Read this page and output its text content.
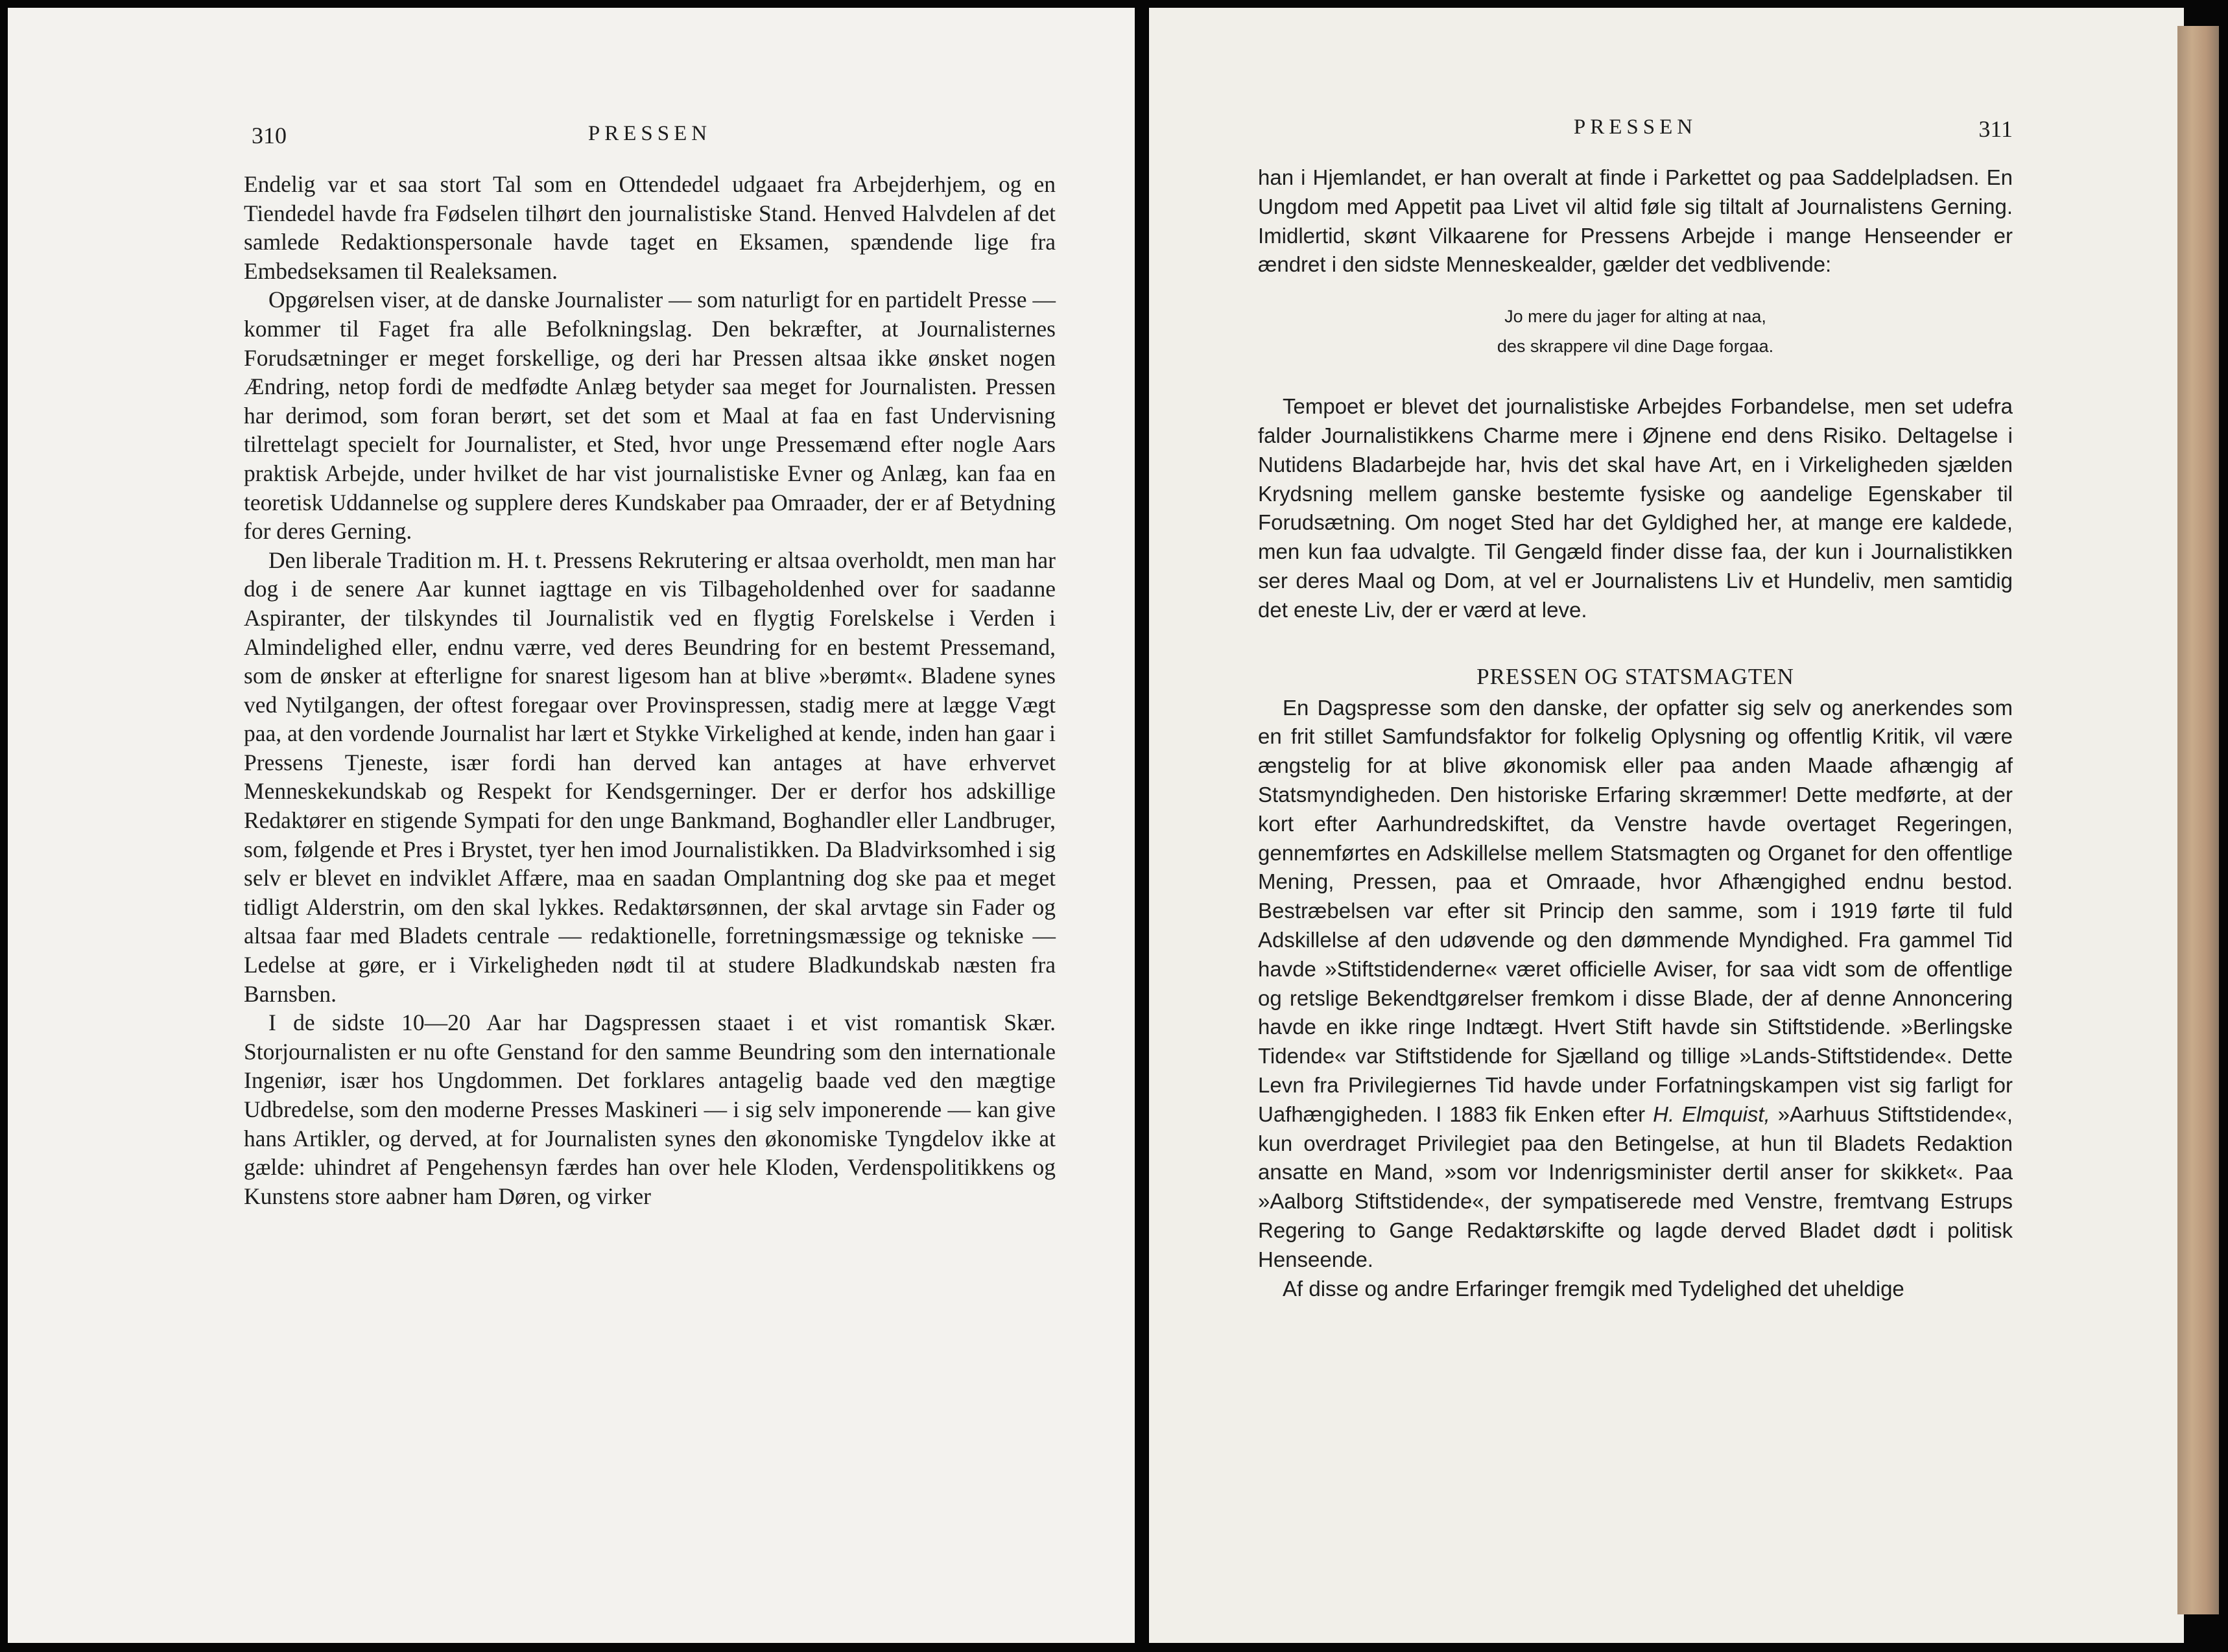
310	PRESSEN

Endelig var et saa stort Tal som en Ottendedel udgaaet fra Arbejderhjem, og en Tiendedel havde fra Fødselen tilhørt den journalistiske Stand. Henved Halvdelen af det samlede Redaktionspersonale havde taget en Eksamen, spændende lige fra Embedseksamen til Realeksamen.

Opgørelsen viser, at de danske Journalister — som naturligt for en partidelt Presse — kommer til Faget fra alle Befolkningslag. Den bekræfter, at Journalisternes Forudsætninger er meget forskellige, og deri har Pressen altsaa ikke ønsket nogen Ændring, netop fordi de medfødte Anlæg betyder saa meget for Journalisten. Pressen har derimod, som foran berørt, set det som et Maal at faa en fast Undervisning tilrettelagt specielt for Journalister, et Sted, hvor unge Pressemænd efter nogle Aars praktisk Arbejde, under hvilket de har vist journalistiske Evner og Anlæg, kan faa en teoretisk Uddannelse og supplere deres Kundskaber paa Omraader, der er af Betydning for deres Gerning.

Den liberale Tradition m. H. t. Pressens Rekrutering er altsaa overholdt, men man har dog i de senere Aar kunnet iagttage en vis Tilbageholdenhed over for saadanne Aspiranter, der tilskyndes til Journalistik ved en flygtig Forelskelse i Verden i Almindelighed eller, endnu værre, ved deres Beundring for en bestemt Pressemand, som de ønsker at efterligne for snarest ligesom han at blive »berømt«. Bladene synes ved Nytilgangen, der oftest foregaar over Provinspressen, stadig mere at lægge Vægt paa, at den vordende Journalist har lært et Stykke Virkelighed at kende, inden han gaar i Pressens Tjeneste, især fordi han derved kan antages at have erhvervet Menneskekundskab og Respekt for Kendsgerninger. Der er derfor hos adskillige Redaktører en stigende Sympati for den unge Bankmand, Boghandler eller Landbruger, som, følgende et Pres i Brystet, tyer hen imod Journalistikken. Da Bladvirksomhed i sig selv er blevet en indviklet Affære, maa en saadan Omplantning dog ske paa et meget tidligt Alderstrin, om den skal lykkes. Redaktørsønnen, der skal arvtage sin Fader og altsaa faar med Bladets centrale — redaktionelle, forretningsmæssige og tekniske — Ledelse at gøre, er i Virkeligheden nødt til at studere Bladkundskab næsten fra Barnsben.

I de sidste 10—20 Aar har Dagspressen staaet i et vist romantisk Skær. Storjournalisten er nu ofte Genstand for den samme Beundring som den internationale Ingeniør, især hos Ungdommen. Det forklares antagelig baade ved den mægtige Udbredelse, som den moderne Presses Maskineri — i sig selv imponerende — kan give hans Artikler, og derved, at for Journalisten synes den økonomiske Tyngdelov ikke at gælde: uhindret af Pengehensyn færdes han over hele Kloden, Verdenspolitikkens og Kunstens store aabner ham Døren, og virker

PRESSEN	311

han i Hjemlandet, er han overalt at finde i Parkettet og paa Saddelpladsen. En Ungdom med Appetit paa Livet vil altid føle sig tiltalt af Journalistens Gerning. Imidlertid, skønt Vilkaarene for Pressens Arbejde i mange Henseender er ændret i den sidste Menneskealder, gælder det vedblivende:

Jo mere du jager for alting at naa,
des skrappere vil dine Dage forgaa.

Tempoet er blevet det journalistiske Arbejdes Forbandelse, men set udefra falder Journalistikkens Charme mere i Øjnene end dens Risiko. Deltagelse i Nutidens Bladarbejde har, hvis det skal have Art, en i Virkeligheden sjælden Krydsning mellem ganske bestemte fysiske og aandelige Egenskaber til Forudsætning. Om noget Sted har det Gyldighed her, at mange ere kaldede, men kun faa udvalgte. Til Gengæld finder disse faa, der kun i Journalistikken ser deres Maal og Dom, at vel er Journalistens Liv et Hundeliv, men samtidig det eneste Liv, der er værd at leve.

PRESSEN OG STATSMAGTEN

En Dagspresse som den danske, der opfatter sig selv og anerkendes som en frit stillet Samfundsfaktor for folkelig Oplysning og offentlig Kritik, vil være ængstelig for at blive økonomisk eller paa anden Maade afhængig af Statsmyndigheden. Den historiske Erfaring skræmmer! Dette medførte, at der kort efter Aarhundredskiftet, da Venstre havde overtaget Regeringen, gennemførtes en Adskillelse mellem Statsmagten og Organet for den offentlige Mening, Pressen, paa et Omraade, hvor Afhængighed endnu bestod. Bestræbelsen var efter sit Princip den samme, som i 1919 førte til fuld Adskillelse af den udøvende og den dømmende Myndighed. Fra gammel Tid havde »Stiftstidenderne« været officielle Aviser, for saa vidt som de offentlige og retslige Bekendtgørelser fremkom i disse Blade, der af denne Annoncering havde en ikke ringe Indtægt. Hvert Stift havde sin Stiftstidende. »Berlingske Tidende« var Stiftstidende for Sjælland og tillige »Lands-Stiftstidende«. Dette Levn fra Privilegiernes Tid havde under Forfatningskampen vist sig farligt for Uafhængigheden. I 1883 fik Enken efter H. Elmquist, »Aarhuus Stiftstidende«, kun overdraget Privilegiet paa den Betingelse, at hun til Bladets Redaktion ansatte en Mand, »som vor Indenrigsminister dertil anser for skikket«. Paa »Aalborg Stiftstidende«, der sympatiserede med Venstre, fremtvang Estrups Regering to Gange Redaktørskifte og lagde derved Bladet dødt i politisk Henseende.

Af disse og andre Erfaringer fremgik med Tydelighed det uheldige
